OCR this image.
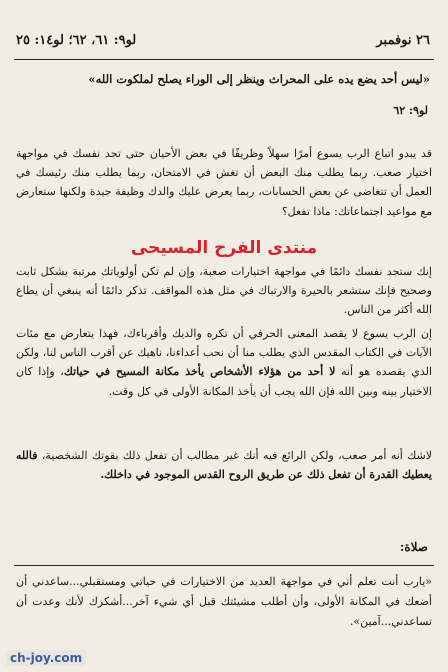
٢٦ نوفمبر
لو٩: ٦١، ٦٢؛ لو١٤: ٢٥
«ليس أحد يضع يده على المحراث وينظر إلى الوراء يصلح لملكوت الله»
لو٩: ٦٢
قد يبدو اتباع الرب يسوع أمرًا سهلاً وظريفًا في بعض الأحيان حتى تجد نفسك في مواجهة اختيار صعب. ربما يطلب منك البعض أن تغش في الامتحان، ربما يطلب منك رئيسك في العمل أن تتغاضى عن بعض الحسابات، ربما يعرض عليك والدك وظيفة جيدة ولكنها ستعارض مع مواعيد اجتماعاتك: ماذا تفعل؟
منتدى الفرح المسيحى
إنك ستجد نفسك دائمًا في مواجهة اختيارات صعبة، وإن لم تكن أولوياتك مرتبة بشكل ثابت وصحيح فإنك ستشعر بالحيرة والارتباك في مثل هذه المواقف. تذكر دائمًا أنه ينبغي أن يطاع الله أكثر من الناس.
إن الرب يسوع لا يقصد المعنى الحرفي أن تكره والديك وأقرباءك، فهذا يتعارض مع مئات الآيات في الكتاب المقدس الذي يطلب منا أن نحب أعداءنا، ناهيك عن أقرب الناس لنا، ولكن الذي يقصده هو أنه لا أحد من هؤلاء الأشخاص يأخذ مكانة المسيح في حياتك، وإذا كان الاختيار بينه وبين الله فإن الله يجب أن يأخذ المكانة الأولى في كل وقت.
لاشك أنه أمر صعب، ولكن الرائع فيه أنك غير مطالب أن تفعل ذلك بقوتك الشخصية، فالله يعطيك القدرة أن تفعل ذلك عن طريق الروح القدس الموجود في داخلك.
صلاة:
«يارب أنت تعلم أني في مواجهة العديد من الاختيارات في حياتي ومستقبلي...ساعدني أن أضعك في المكانة الأولى، وأن أطلب مشيئتك قبل أي شيء آخر...أشكرك لأنك وعدت أن تساعدني...آمين».
ch-joy.com
